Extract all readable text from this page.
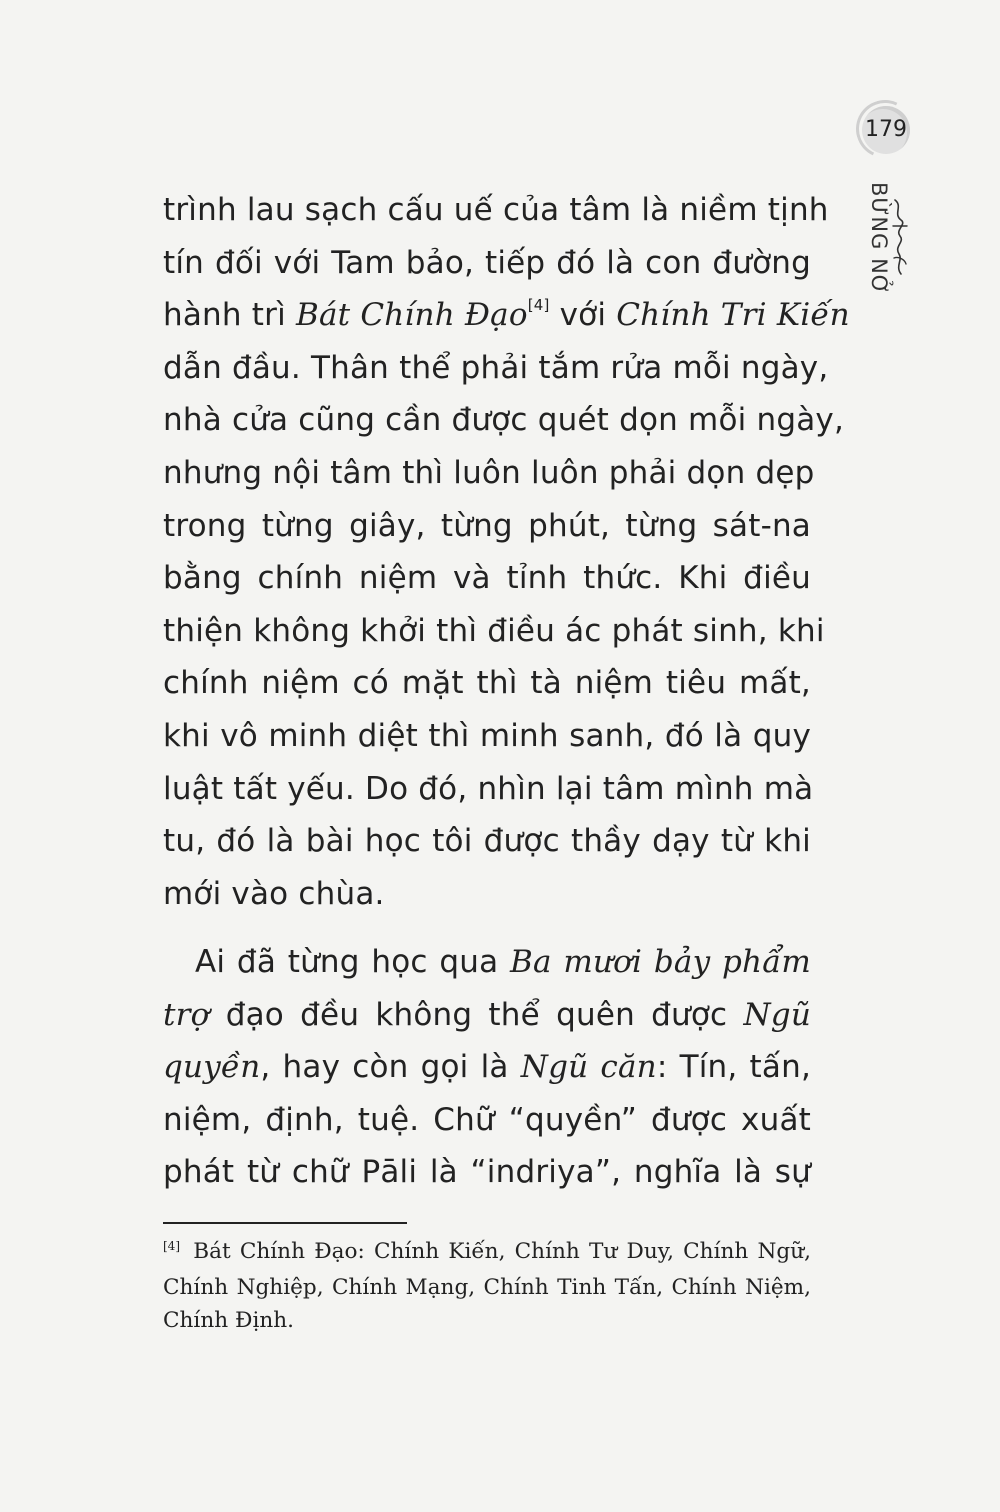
179
BỪNG NỞ
trình lau sạch cấu uế của tâm là niềm tịnh
tín đối với Tam bảo, tiếp đó là con đường
hành trì Bát Chính Đạo[4] với Chính Tri Kiến
dẫn đầu. Thân thể phải tắm rửa mỗi ngày,
nhà cửa cũng cần được quét dọn mỗi ngày,
nhưng nội tâm thì luôn luôn phải dọn dẹp
trong từng giây, từng phút, từng sát-na
bằng chính niệm và tỉnh thức. Khi điều
thiện không khởi thì điều ác phát sinh, khi
chính niệm có mặt thì tà niệm tiêu mất,
khi vô minh diệt thì minh sanh, đó là quy
luật tất yếu. Do đó, nhìn lại tâm mình mà
tu, đó là bài học tôi được thầy dạy từ khi
mới vào chùa.
Ai đã từng học qua Ba mươi bảy phẩm
trợ đạo đều không thể quên được Ngũ
quyền, hay còn gọi là Ngũ căn: Tín, tấn,
niệm, định, tuệ. Chữ “quyền” được xuất
phát từ chữ Pāli là “indriya”, nghĩa là sự
[4] Bát Chính Đạo: Chính Kiến, Chính Tư Duy, Chính Ngữ,
Chính Nghiệp, Chính Mạng, Chính Tinh Tấn, Chính Niệm,
Chính Định.
